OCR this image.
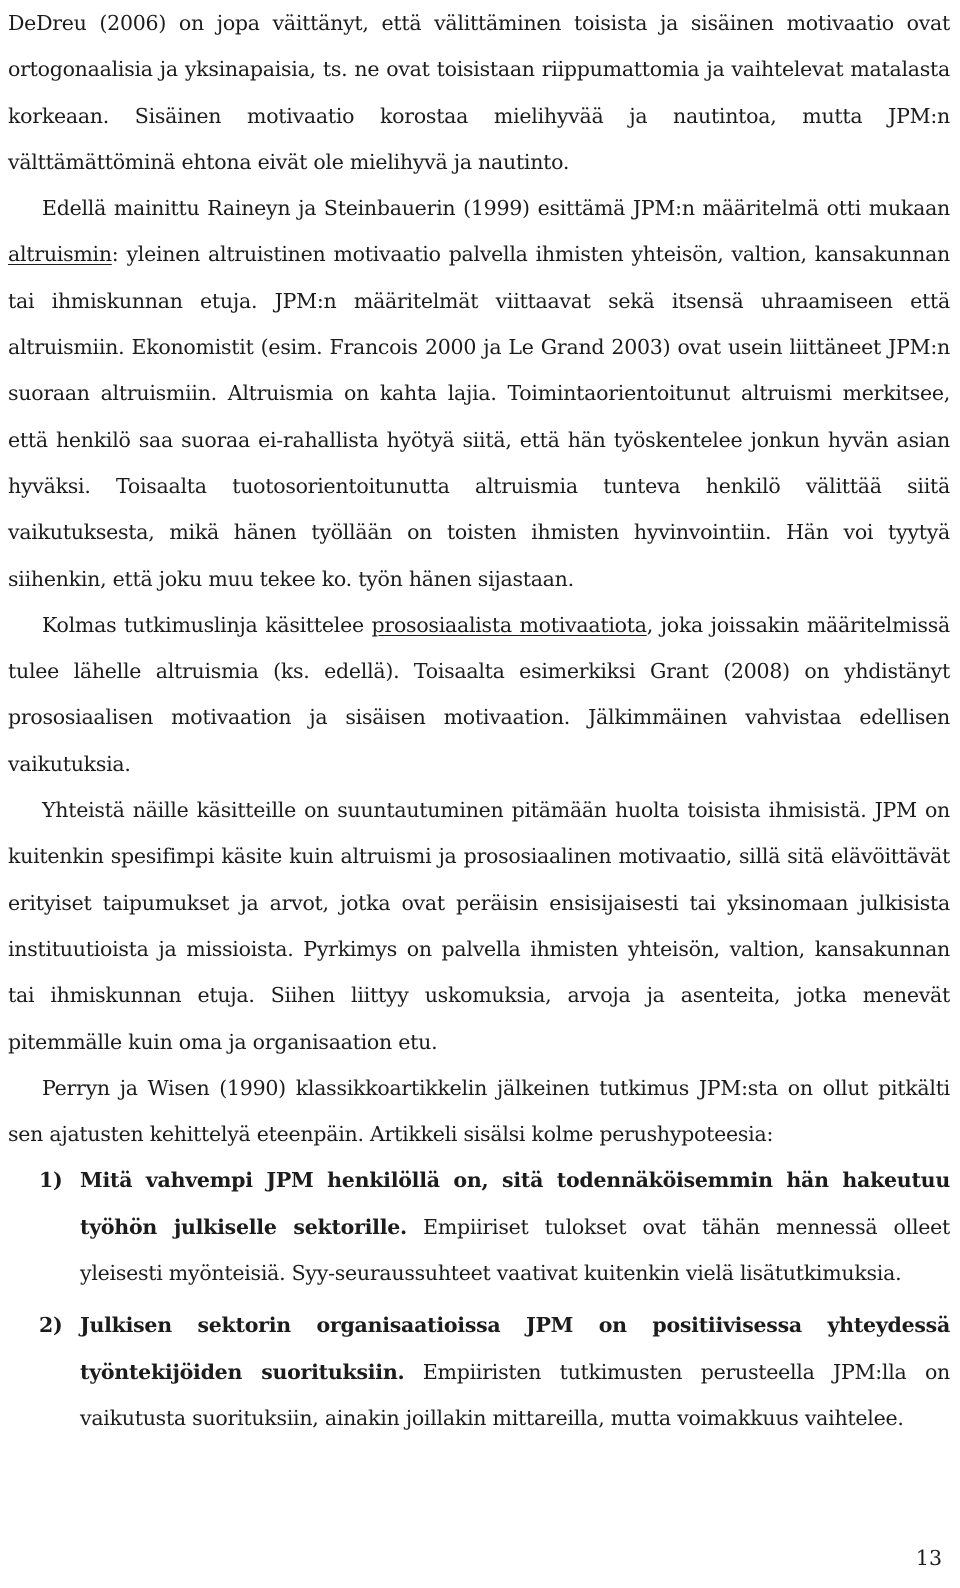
DeDreu (2006) on jopa väittänyt, että välittäminen toisista ja sisäinen motivaatio ovat ortogonaalisia ja yksinapaisia, ts. ne ovat toisistaan riippumattomia ja vaihtelevat matalasta korkeaan. Sisäinen motivaatio korostaa mielihyvää ja nautintoa, mutta JPM:n välttämättöminä ehtona eivät ole mielihyvä ja nautinto.

Edellä mainittu Raineyn ja Steinbauerin (1999) esittämä JPM:n määritelmä otti mukaan altruismin: yleinen altruistinen motivaatio palvella ihmisten yhteisön, valtion, kansakunnan tai ihmiskunnan etuja. JPM:n määritelmät viittaavat sekä itsensä uhraamiseen että altruismiin. Ekonomistit (esim. Francois 2000 ja Le Grand 2003) ovat usein liittäneet JPM:n suoraan altruismiin. Altruismia on kahta lajia. Toimintaorientoitunut altruismi merkitsee, että henkilö saa suoraa ei-rahallista hyötyä siitä, että hän työskentelee jonkun hyvän asian hyväksi. Toisaalta tuotosorientoitunutta altruismia tunteva henkilö välittää siitä vaikutuksesta, mikä hänen työllään on toisten ihmisten hyvinvointiin. Hän voi tyytyä siihenkin, että joku muu tekee ko. työn hänen sijastaan.

Kolmas tutkimuslinja käsittelee prososiaalista motivaatiota, joka joissakin määritelmissä tulee lähelle altruismia (ks. edellä). Toisaalta esimerkiksi Grant (2008) on yhdistänyt prososiaalisen motivaation ja sisäisen motivaation. Jälkimmäinen vahvistaa edellisen vaikutuksia.

Yhteistä näille käsitteille on suuntautuminen pitämään huolta toisista ihmisistä. JPM on kuitenkin spesifimpi käsite kuin altruismi ja prososiaalinen motivaatio, sillä sitä elävöittävät erityiset taipumukset ja arvot, jotka ovat peräisin ensisijaisesti tai yksinomaan julkisista instituutioista ja missioista. Pyrkimys on palvella ihmisten yhteisön, valtion, kansakunnan tai ihmiskunnan etuja. Siihen liittyy uskomuksia, arvoja ja asenteita, jotka menevät pitemmälle kuin oma ja organisaation etu.

Perryn ja Wisen (1990) klassikkoartikkelin jälkeinen tutkimus JPM:sta on ollut pitkälti sen ajatusten kehittelyä eteenpäin. Artikkeli sisälsi kolme perushypoteesia:

1) Mitä vahvempi JPM henkilöllä on, sitä todennäköisemmin hän hakeutuu työhön julkiselle sektorille. Empiiriset tulokset ovat tähän mennessä olleet yleisesti myönteisiä. Syy-seuraussuhteet vaativat kuitenkin vielä lisätutkimuksia.
2) Julkisen sektorin organisaatioissa JPM on positiivisessa yhteydessä työntekijöiden suorituksiin. Empiiristen tutkimusten perusteella JPM:lla on vaikutusta suorituksiin, ainakin joillakin mittareilla, mutta voimakkuus vaihtelee.
13
